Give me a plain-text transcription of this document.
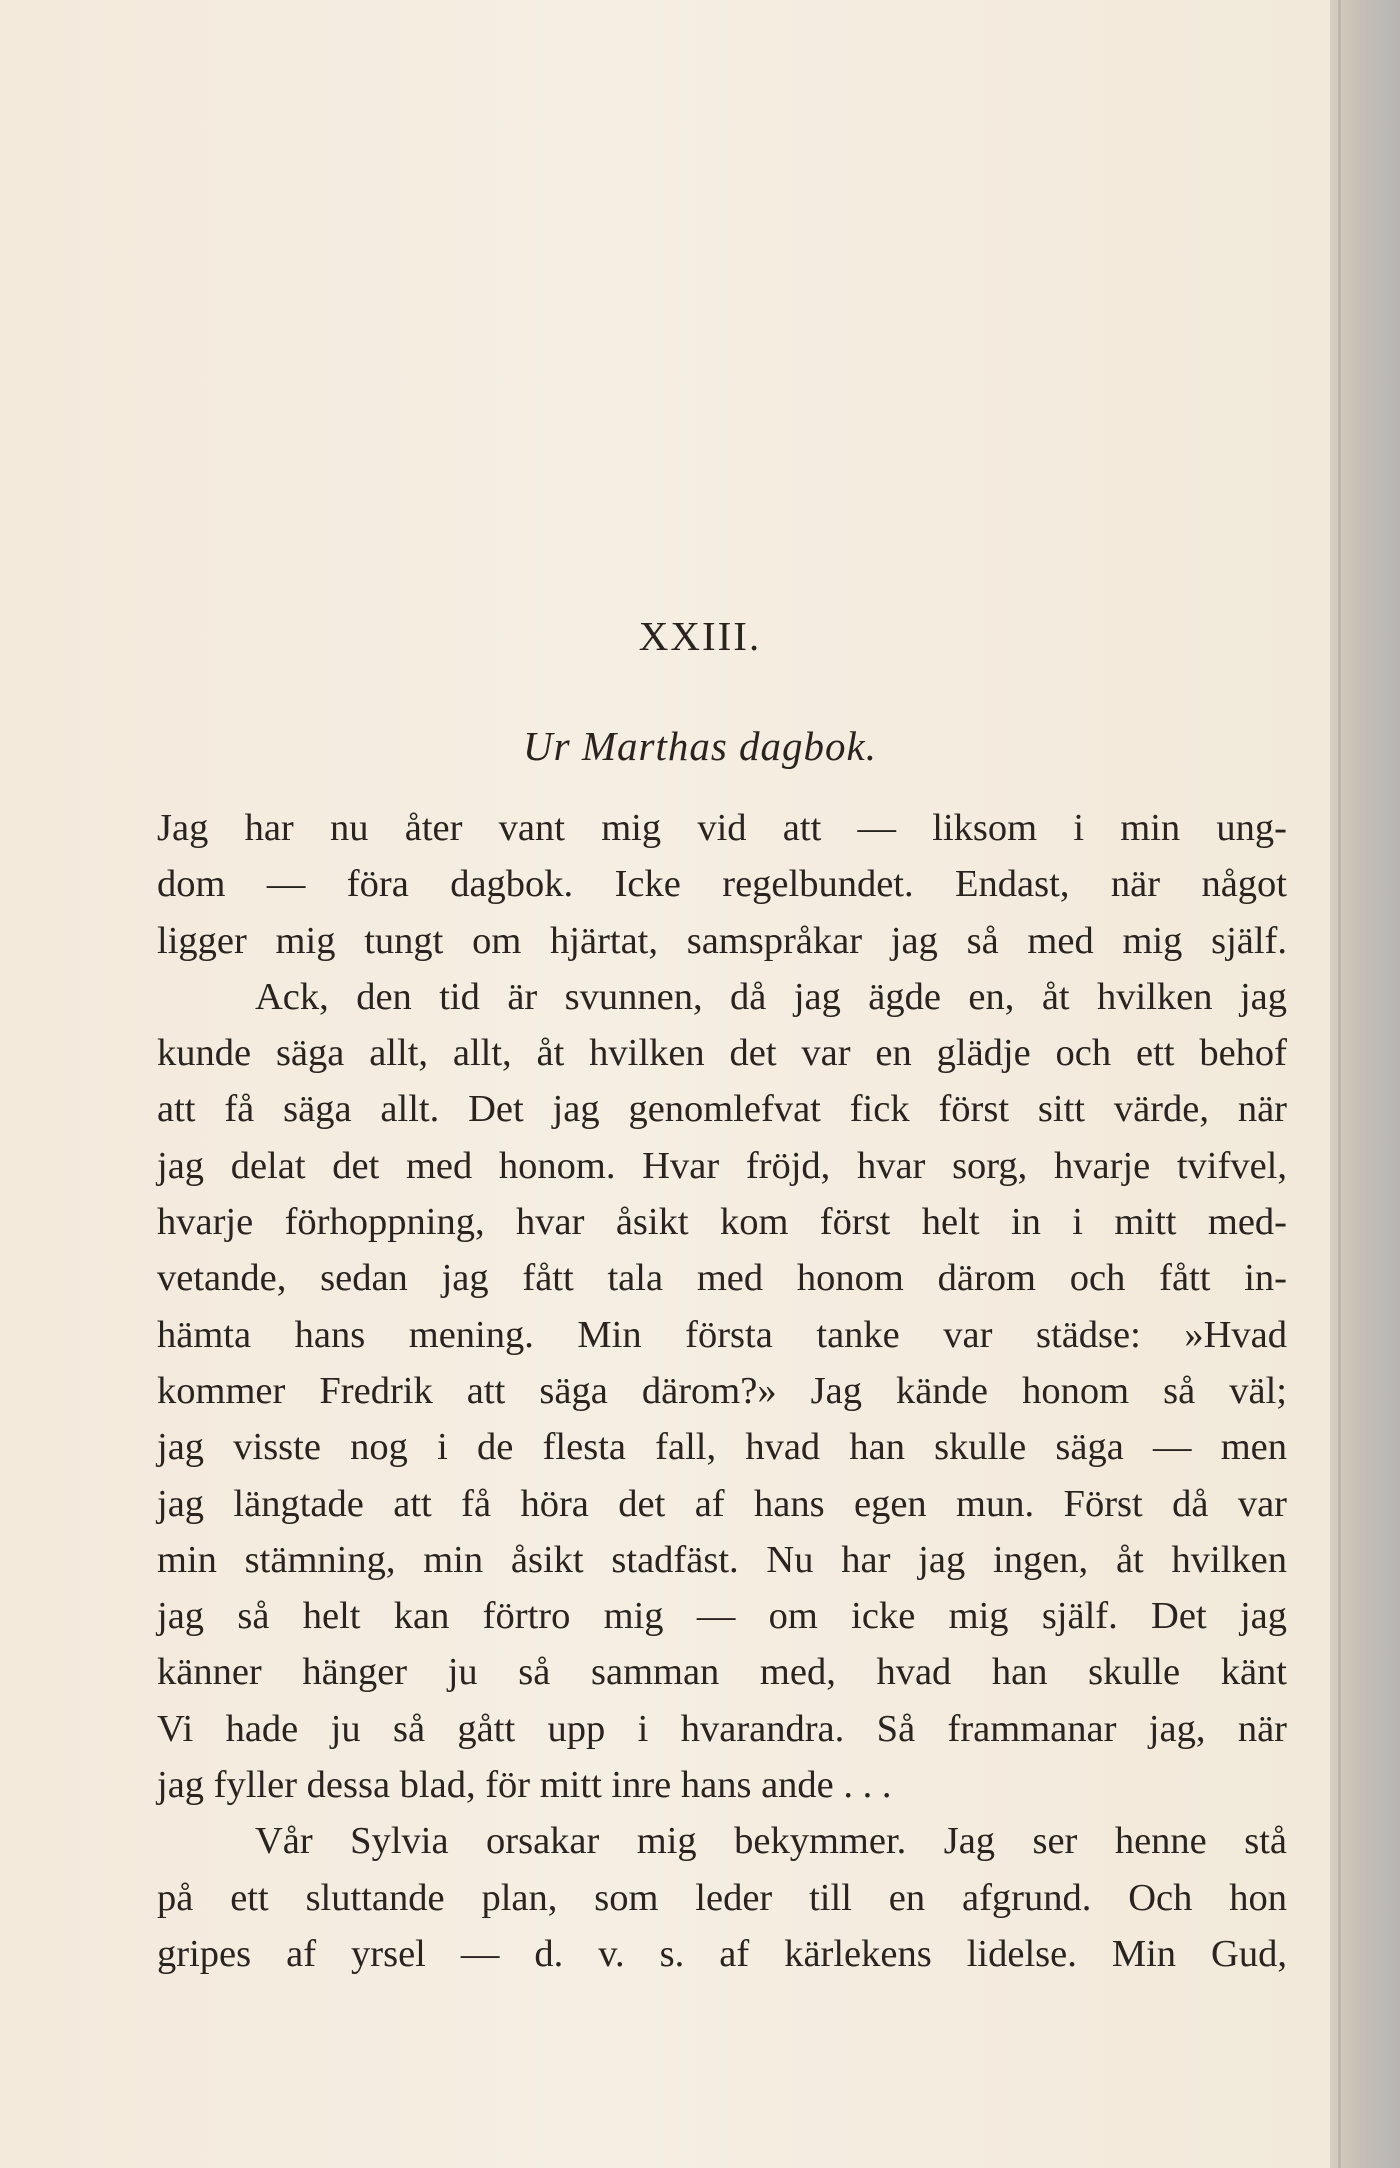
XXIII.
Ur Marthas dagbok.
Jag har nu åter vant mig vid att — liksom i min ung-
dom — föra dagbok. Icke regelbundet. Endast, när något
ligger mig tungt om hjärtat, samspråkar jag så med mig själf.
Ack, den tid är svunnen, då jag ägde en, åt hvilken jag
kunde säga allt, allt, åt hvilken det var en glädje och ett behof
att få säga allt. Det jag genomlefvat fick först sitt värde, när
jag delat det med honom. Hvar fröjd, hvar sorg, hvarje tvifvel,
hvarje förhoppning, hvar åsikt kom först helt in i mitt med-
vetande, sedan jag fått tala med honom därom och fått in-
hämta hans mening. Min första tanke var städse: »Hvad
kommer Fredrik att säga därom?» Jag kände honom så väl;
jag visste nog i de flesta fall, hvad han skulle säga — men
jag längtade att få höra det af hans egen mun. Först då var
min stämning, min åsikt stadfäst. Nu har jag ingen, åt hvilken
jag så helt kan förtro mig — om icke mig själf. Det jag
känner hänger ju så samman med, hvad han skulle känt
Vi hade ju så gått upp i hvarandra. Så frammanar jag, när
jag fyller dessa blad, för mitt inre hans ande . . .
Vår Sylvia orsakar mig bekymmer. Jag ser henne stå
på ett sluttande plan, som leder till en afgrund. Och hon
gripes af yrsel — d. v. s. af kärlekens lidelse. Min Gud,
